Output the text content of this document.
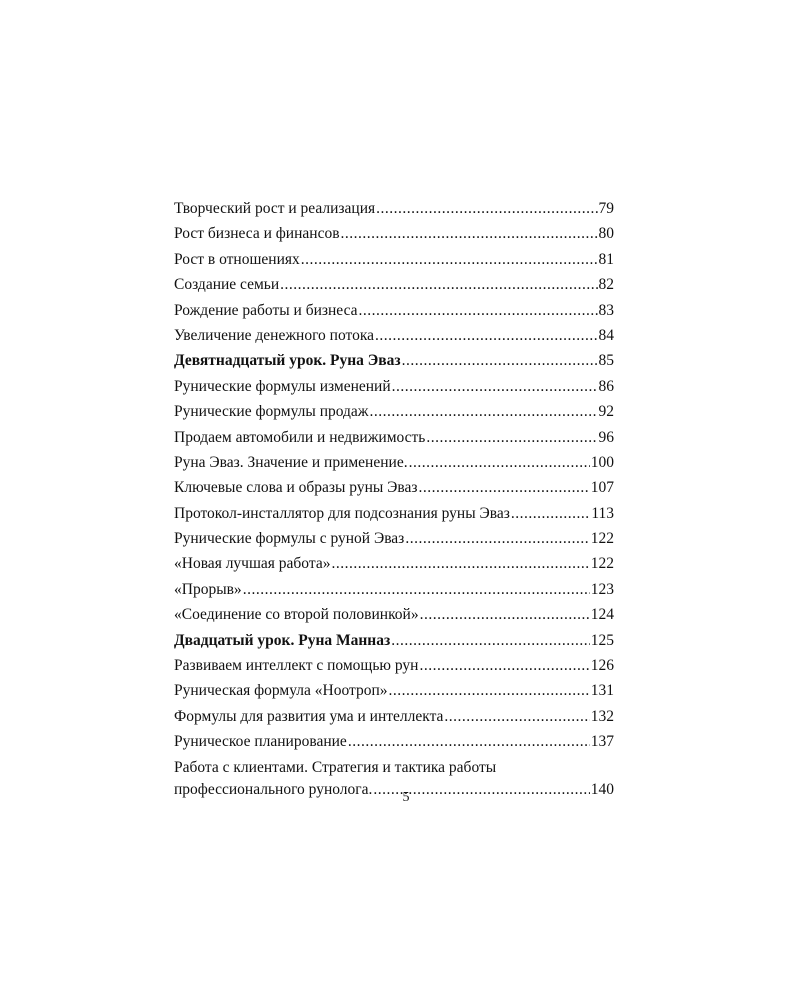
Творческий рост и реализация .....	79
Рост бизнеса и финансов .....	80
Рост в отношениях .....	81
Создание семьи .....	82
Рождение работы и бизнеса .....	83
Увеличение денежного потока .....	84
Девятнадцатый урок. Руна Эваз .....	85
Рунические формулы изменений .....	86
Рунические формулы продаж .....	92
Продаем автомобили и недвижимость .....	96
Руна Эваз. Значение и применение. .....	100
Ключевые слова и образы руны Эваз .....	107
Протокол-инсталлятор для подсознания руны Эваз .....	113
Рунические формулы с руной Эваз .....	122
«Новая лучшая работа» .....	122
«Прорыв» .....	123
«Соединение со второй половинкой» .....	124
Двадцатый урок. Руна Манназ .....	125
Развиваем интеллект с помощью рун .....	126
Руническая формула «Ноотроп» .....	131
Формулы для развития ума и интеллекта .....	132
Руническое планирование .....	137
Работа с клиентами. Стратегия и тактика работы
профессионального рунолога. .....	140
5
